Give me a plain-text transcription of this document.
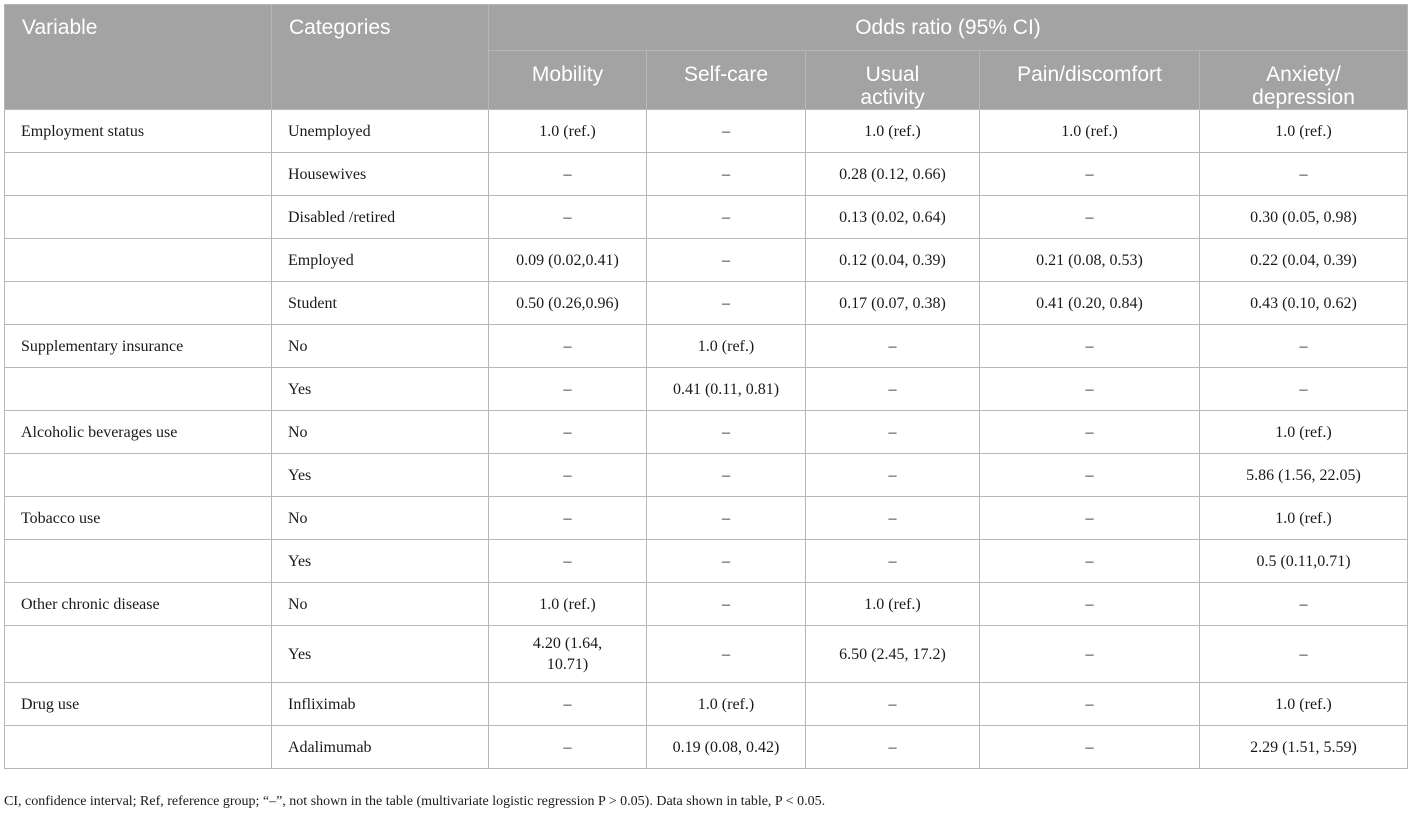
Variable	Categories	Odds ratio (95% CI)				
		Mobility	Self-care	Usual activity	Pain/discomfort	Anxiety/ depression
Employment status	Unemployed	1.0 (ref.)	–	1.0 (ref.)	1.0 (ref.)	1.0 (ref.)
	Housewives	–	–	0.28 (0.12, 0.66)	–	–
	Disabled /retired	–	–	0.13 (0.02, 0.64)	–	0.30 (0.05, 0.98)
	Employed	0.09 (0.02,0.41)	–	0.12 (0.04, 0.39)	0.21 (0.08, 0.53)	0.22 (0.04, 0.39)
	Student	0.50 (0.26,0.96)	–	0.17 (0.07, 0.38)	0.41 (0.20, 0.84)	0.43 (0.10, 0.62)
Supplementary insurance	No	–	1.0 (ref.)	–	–	–
	Yes	–	0.41 (0.11, 0.81)	–	–	–
Alcoholic beverages use	No	–	–	–	–	1.0 (ref.)
	Yes	–	–	–	–	5.86 (1.56, 22.05)
Tobacco use	No	–	–	–	–	1.0 (ref.)
	Yes	–	–	–	–	0.5 (0.11,0.71)
Other chronic disease	No	1.0 (ref.)	–	1.0 (ref.)	–	–
	Yes	4.20 (1.64, 10.71)	–	6.50 (2.45, 17.2)	–	–
Drug use	Infliximab	–	1.0 (ref.)	–	–	1.0 (ref.)
	Adalimumab	–	0.19 (0.08, 0.42)	–	–	2.29 (1.51, 5.59)
CI, confidence interval; Ref, reference group; “–”, not shown in the table (multivariate logistic regression P > 0.05). Data shown in table, P < 0.05.
